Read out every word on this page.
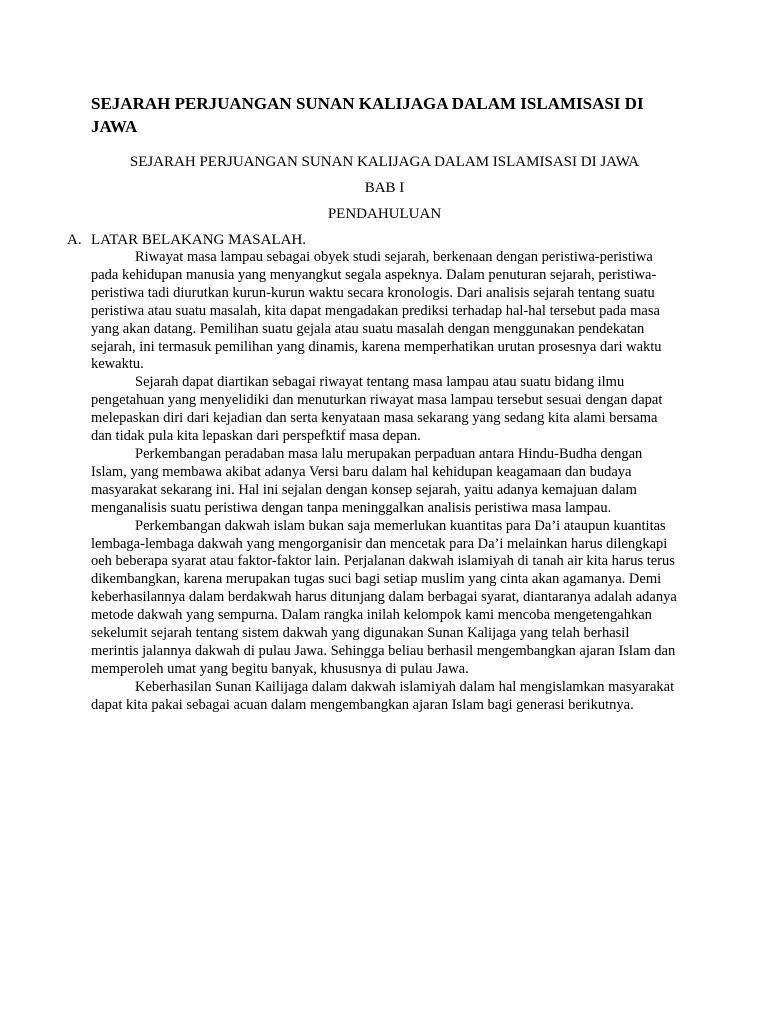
SEJARAH PERJUANGAN SUNAN KALIJAGA DALAM ISLAMISASI DI JAWA

SEJARAH PERJUANGAN SUNAN KALIJAGA DALAM ISLAMISASI DI JAWA

BAB I

PENDAHULUAN

A. LATAR BELAKANG MASALAH.

Riwayat masa lampau sebagai obyek studi sejarah, berkenaan dengan peristiwa-peristiwa pada kehidupan manusia yang menyangkut segala aspeknya. Dalam penuturan sejarah, peristiwa-peristiwa tadi diurutkan kurun-kurun waktu secara kronologis. Dari analisis sejarah tentang suatu peristiwa atau suatu masalah, kita dapat mengadakan prediksi terhadap hal-hal tersebut pada masa yang akan datang. Pemilihan suatu gejala atau suatu masalah dengan menggunakan pendekatan sejarah, ini termasuk pemilihan yang dinamis, karena memperhatikan urutan prosesnya dari waktu kewaktu.

Sejarah dapat diartikan sebagai riwayat tentang masa lampau atau suatu bidang ilmu pengetahuan yang menyelidiki dan menuturkan riwayat masa lampau tersebut sesuai dengan dapat melepaskan diri dari kejadian dan serta kenyataan masa sekarang yang sedang kita alami bersama dan tidak pula kita lepaskan dari perspefktif masa depan.

Perkembangan peradaban masa lalu merupakan perpaduan antara Hindu-Budha dengan Islam, yang membawa akibat adanya Versi baru dalam hal kehidupan keagamaan dan budaya masyarakat sekarang ini. Hal ini sejalan dengan konsep sejarah, yaitu adanya kemajuan dalam menganalisis suatu peristiwa dengan tanpa meninggalkan analisis peristiwa masa lampau.

Perkembangan dakwah islam bukan saja memerlukan kuantitas para Da’i ataupun kuantitas lembaga-lembaga dakwah yang mengorganisir dan mencetak para Da’i melainkan harus dilengkapi oeh beberapa syarat atau faktor-faktor lain. Perjalanan dakwah islamiyah di tanah air kita harus terus dikembangkan, karena merupakan tugas suci bagi setiap muslim yang cinta akan agamanya. Demi keberhasilannya dalam berdakwah harus ditunjang dalam berbagai syarat, diantaranya adalah adanya metode dakwah yang sempurna. Dalam rangka inilah kelompok kami mencoba mengetengahkan sekelumit sejarah tentang sistem dakwah yang digunakan Sunan Kalijaga yang telah berhasil merintis jalannya dakwah di pulau Jawa. Sehingga beliau berhasil mengembangkan ajaran Islam dan memperoleh umat yang begitu banyak, khususnya di pulau Jawa.

Keberhasilan Sunan Kailijaga dalam dakwah islamiyah dalam hal mengislamkan masyarakat dapat kita pakai sebagai acuan dalam mengembangkan ajaran Islam bagi generasi berikutnya.
